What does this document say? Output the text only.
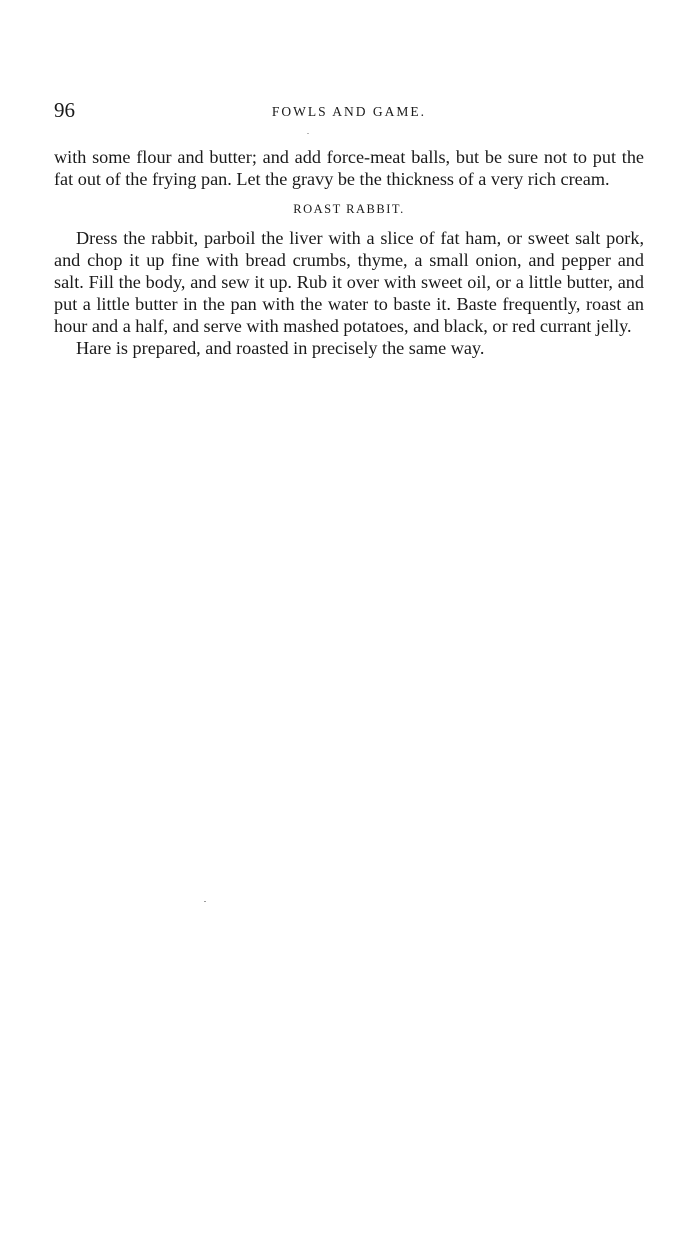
96	FOWLS AND GAME.

with some flour and butter; and add force-meat balls, but be sure not to put the fat out of the frying pan. Let the gravy be the thickness of a very rich cream.

ROAST RABBIT.

Dress the rabbit, parboil the liver with a slice of fat ham, or sweet salt pork, and chop it up fine with bread crumbs, thyme, a small onion, and pepper and salt. Fill the body, and sew it up. Rub it over with sweet oil, or a little butter, and put a little butter in the pan with the water to baste it. Baste frequently, roast an hour and a half, and serve with mashed potatoes, and black, or red currant jelly.

Hare is prepared, and roasted in precisely the same way.
